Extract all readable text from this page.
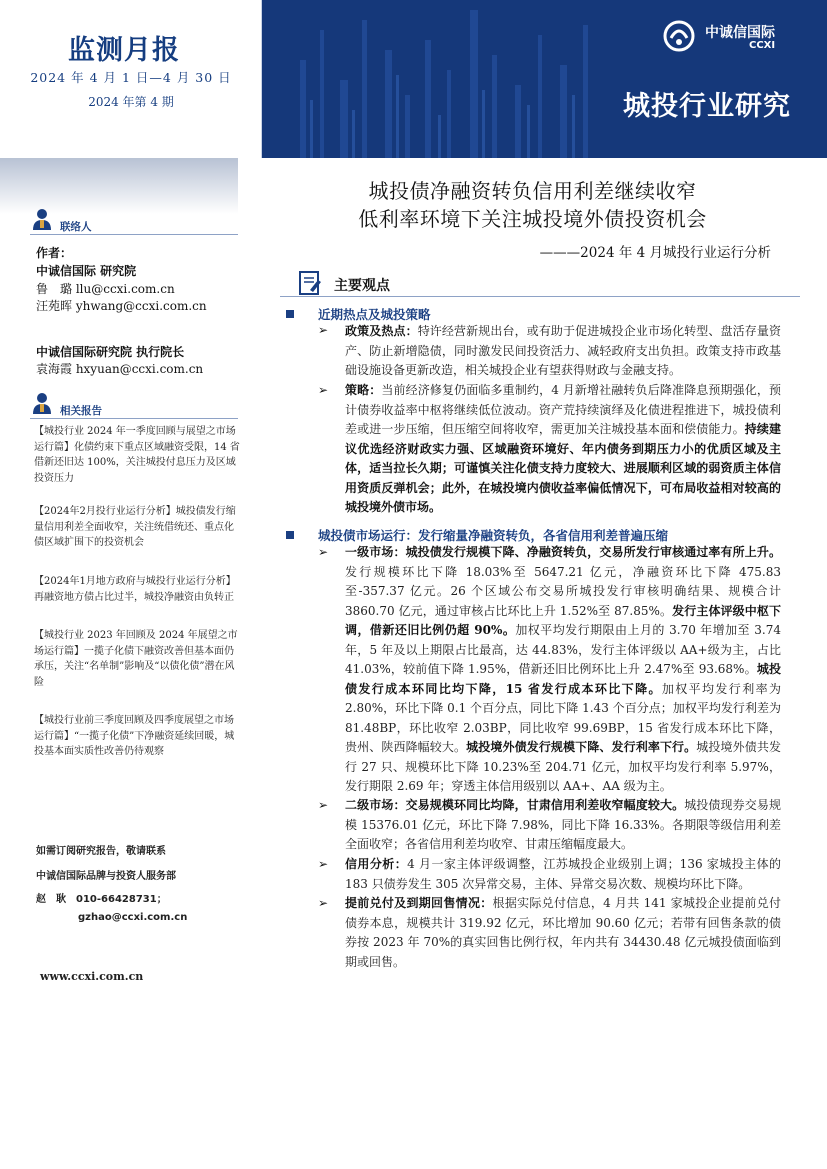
监测月报
2024 年 4 月 1 日—4 月 30 日
2024 年第 4 期
中诚信国际
CCXI
城投行业研究
联络人
作者：
中诚信国际 研究院
鲁　璐 llu@ccxi.com.cn
汪苑晖 yhwang@ccxi.com.cn
中诚信国际研究院 执行院长
袁海霞 hxyuan@ccxi.com.cn
相关报告
【城投行业 2024 年一季度回顾与展望之市场运行篇】化债约束下重点区域融资受限，14 省借新还旧达 100%，关注城投付息压力及区域投资压力
【2024年2月投行业运行分析】城投债发行缩量信用利差全面收窄，关注统借统还、重点化债区域扩围下的投资机会
【2024年1月地方政府与城投行业运行分析】再融资地方债占比过半，城投净融资由负转正
【城投行业 2023 年回顾及 2024 年展望之市场运行篇】一揽子化债下融资改善但基本面仍承压，关注“名单制”影响及“以债化债”潜在风险
【城投行业前三季度回顾及四季度展望之市场运行篇】“一揽子化债”下净融资延续回暖，城投基本面实质性改善仍待观察
如需订阅研究报告，敬请联系
中诚信国际品牌与投资人服务部
赵　耿　010-66428731；
gzhao@ccxi.com.cn
www.ccxi.com.cn
城投债净融资转负信用利差继续收窄
低利率环境下关注城投境外债投资机会
———2024 年 4 月城投行业运行分析
主要观点
近期热点及城投策略
➢ 政策及热点：特许经营新规出台，或有助于促进城投企业市场化转型、盘活存量资产、防止新增隐债，同时激发民间投资活力、减轻政府支出负担。政策支持市政基础设施设备更新改造，相关城投企业有望获得财政与金融支持。
➢ 策略：当前经济修复仍面临多重制约，4 月新增社融转负后降准降息预期强化，预计债券收益率中枢将继续低位波动。资产荒持续演绎及化债进程推进下，城投债利差或进一步压缩，但压缩空间将收窄，需更加关注城投基本面和偿债能力。持续建议优选经济财政实力强、区域融资环境好、年内债务到期压力小的优质区域及主体，适当拉长久期；可谨慎关注化债支持力度较大、进展顺利区域的弱资质主体信用资质反弹机会；此外，在城投境内债收益率偏低情况下，可布局收益相对较高的城投境外债市场。
城投债市场运行：发行缩量净融资转负，各省信用利差普遍压缩
➢ 一级市场：城投债发行规模下降、净融资转负，交易所发行审核通过率有所上升。发行规模环比下降 18.03%至 5647.21 亿元，净融资环比下降 475.83 至-357.37 亿元。26 个区域公布交易所城投发行审核明确结果、规模合计 3860.70 亿元，通过审核占比环比上升 1.52%至 87.85%。发行主体评级中枢下调，借新还旧比例仍超 90%。加权平均发行期限由上月的 3.70 年增加至 3.74 年，5 年及以上期限占比最高，达 44.83%，发行主体评级以 AA+级为主，占比 41.03%，较前值下降 1.95%，借新还旧比例环比上升 2.47%至 93.68%。城投债发行成本环同比均下降，15 省发行成本环比下降。加权平均发行利率为 2.80%，环比下降 0.1 个百分点，同比下降 1.43 个百分点；加权平均发行利差为 81.48BP，环比收窄 2.03BP，同比收窄 99.69BP，15 省发行成本环比下降，贵州、陕西降幅较大。城投境外债发行规模下降、发行利率下行。城投境外债共发行 27 只、规模环比下降 10.23%至 204.71 亿元，加权平均发行利率 5.97%，发行期限 2.69 年；穿透主体信用级别以 AA+、AA 级为主。
➢ 二级市场：交易规模环同比均降，甘肃信用利差收窄幅度较大。城投债现券交易规模 15376.01 亿元，环比下降 7.98%，同比下降 16.33%。各期限等级信用利差全面收窄；各省信用利差均收窄、甘肃压缩幅度最大。
➢ 信用分析：4 月一家主体评级调整，江苏城投企业级别上调；136 家城投主体的 183 只债券发生 305 次异常交易，主体、异常交易次数、规模均环比下降。
➢ 提前兑付及到期回售情况：根据实际兑付信息，4 月共 141 家城投企业提前兑付债券本息，规模共计 319.92 亿元，环比增加 90.60 亿元；若带有回售条款的债券按 2023 年 70%的真实回售比例行权，年内共有 34430.48 亿元城投债面临到期或回售。
